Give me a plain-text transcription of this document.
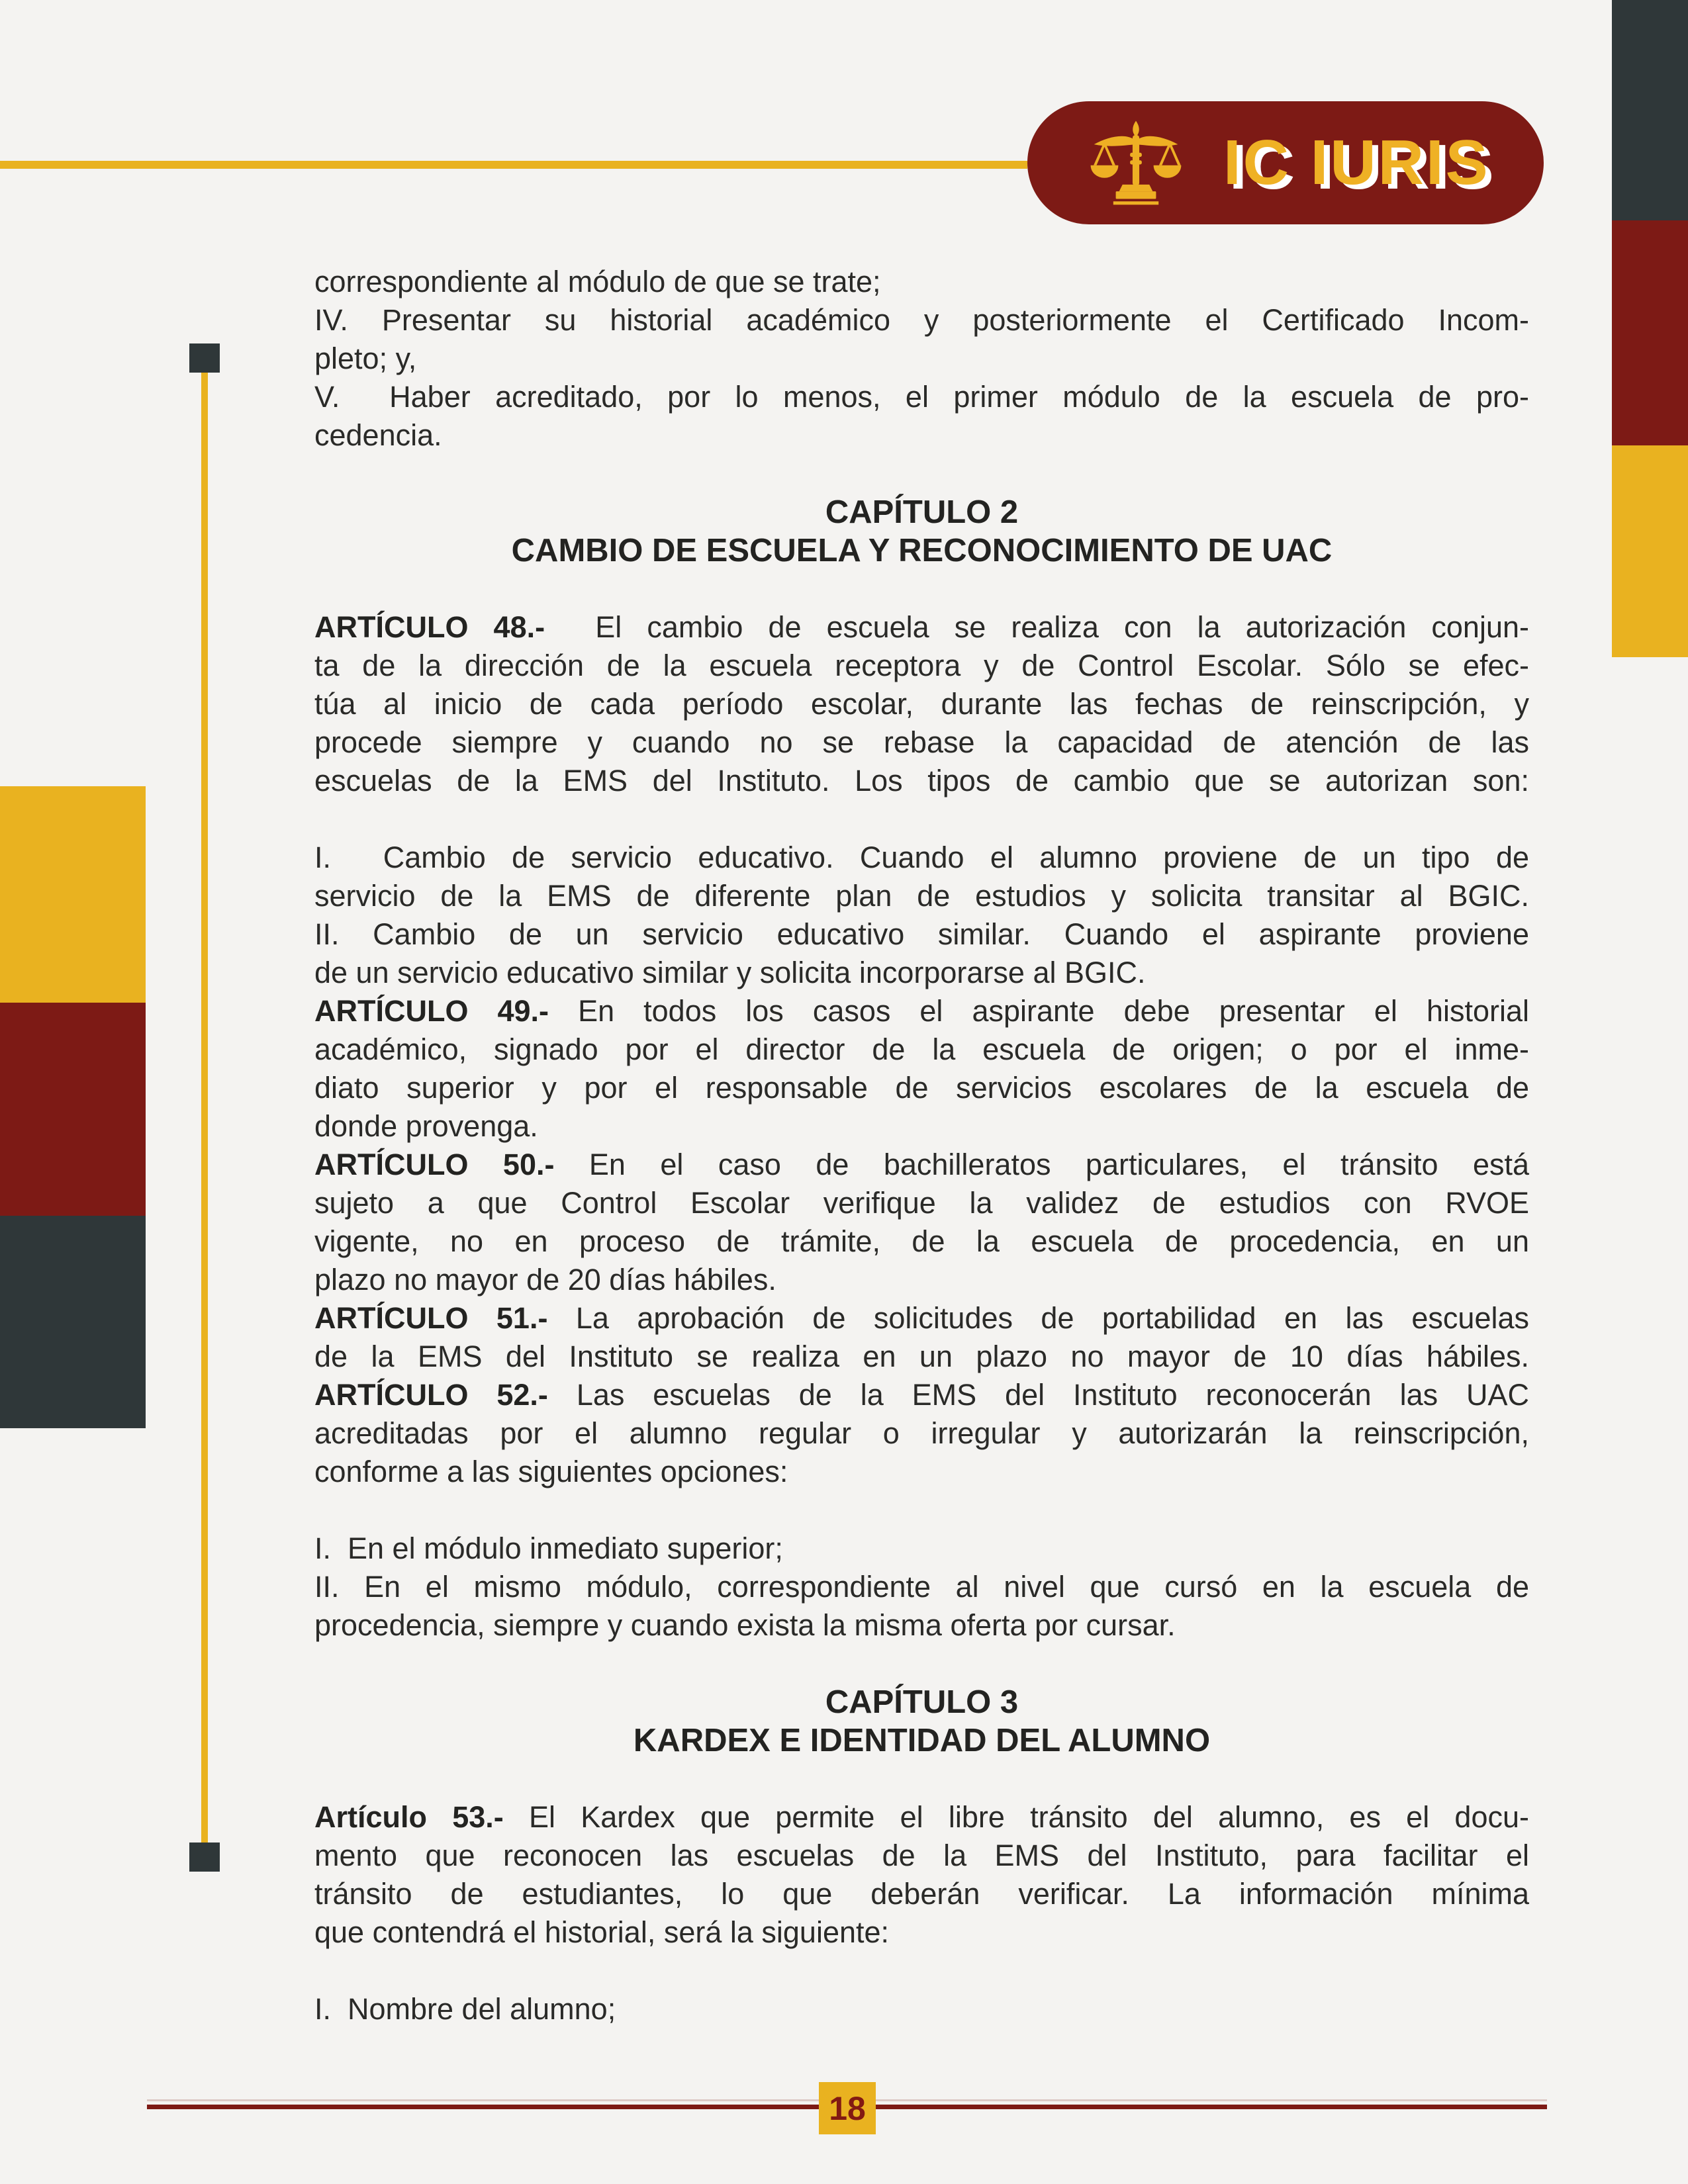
IC IURIS
correspondiente al módulo de que se trate;
IV. Presentar su historial académico y posteriormente el Certificado Incom-
pleto; y,
V.  Haber acreditado, por lo menos, el primer módulo de la escuela de pro-
cedencia.
CAPÍTULO 2
CAMBIO DE ESCUELA Y RECONOCIMIENTO DE UAC
ARTÍCULO 48.-  El cambio de escuela se realiza con la autorización conjun-
ta de la dirección de la escuela receptora y de Control Escolar. Sólo se efec-
túa al inicio de cada período escolar, durante las fechas de reinscripción, y
procede siempre y cuando no se rebase la capacidad de atención de las
escuelas de la EMS del Instituto. Los tipos de cambio que se autorizan son:
I.  Cambio de servicio educativo. Cuando el alumno proviene de un tipo de
servicio de la EMS de diferente plan de estudios y solicita transitar al BGIC.
II. Cambio de un servicio educativo similar. Cuando el aspirante proviene
de un servicio educativo similar y solicita incorporarse al BGIC.
ARTÍCULO 49.- En todos los casos el aspirante debe presentar el historial
académico, signado por el director de la escuela de origen; o por el inme-
diato superior y por el responsable de servicios escolares de la escuela de
donde provenga.
ARTÍCULO 50.- En el caso de bachilleratos particulares, el tránsito está
sujeto a que Control Escolar verifique la validez de estudios con RVOE
vigente, no en proceso de trámite, de la escuela de procedencia, en un
plazo no mayor de 20 días hábiles.
ARTÍCULO 51.- La aprobación de solicitudes de portabilidad en las escuelas
de la EMS del Instituto se realiza en un plazo no mayor de 10 días hábiles.
ARTÍCULO 52.- Las escuelas de la EMS del Instituto reconocerán las UAC
acreditadas por el alumno regular o irregular y autorizarán la reinscripción,
conforme a las siguientes opciones:
I.  En el módulo inmediato superior;
II. En el mismo módulo, correspondiente al nivel que cursó en la escuela de
procedencia, siempre y cuando exista la misma oferta por cursar.
CAPÍTULO 3
KARDEX E IDENTIDAD DEL ALUMNO
Artículo 53.- El Kardex que permite el libre tránsito del alumno, es el docu-
mento que reconocen las escuelas de la EMS del Instituto, para facilitar el
tránsito de estudiantes, lo que deberán verificar. La información mínima
que contendrá el historial, será la siguiente:
I.  Nombre del alumno;
18
